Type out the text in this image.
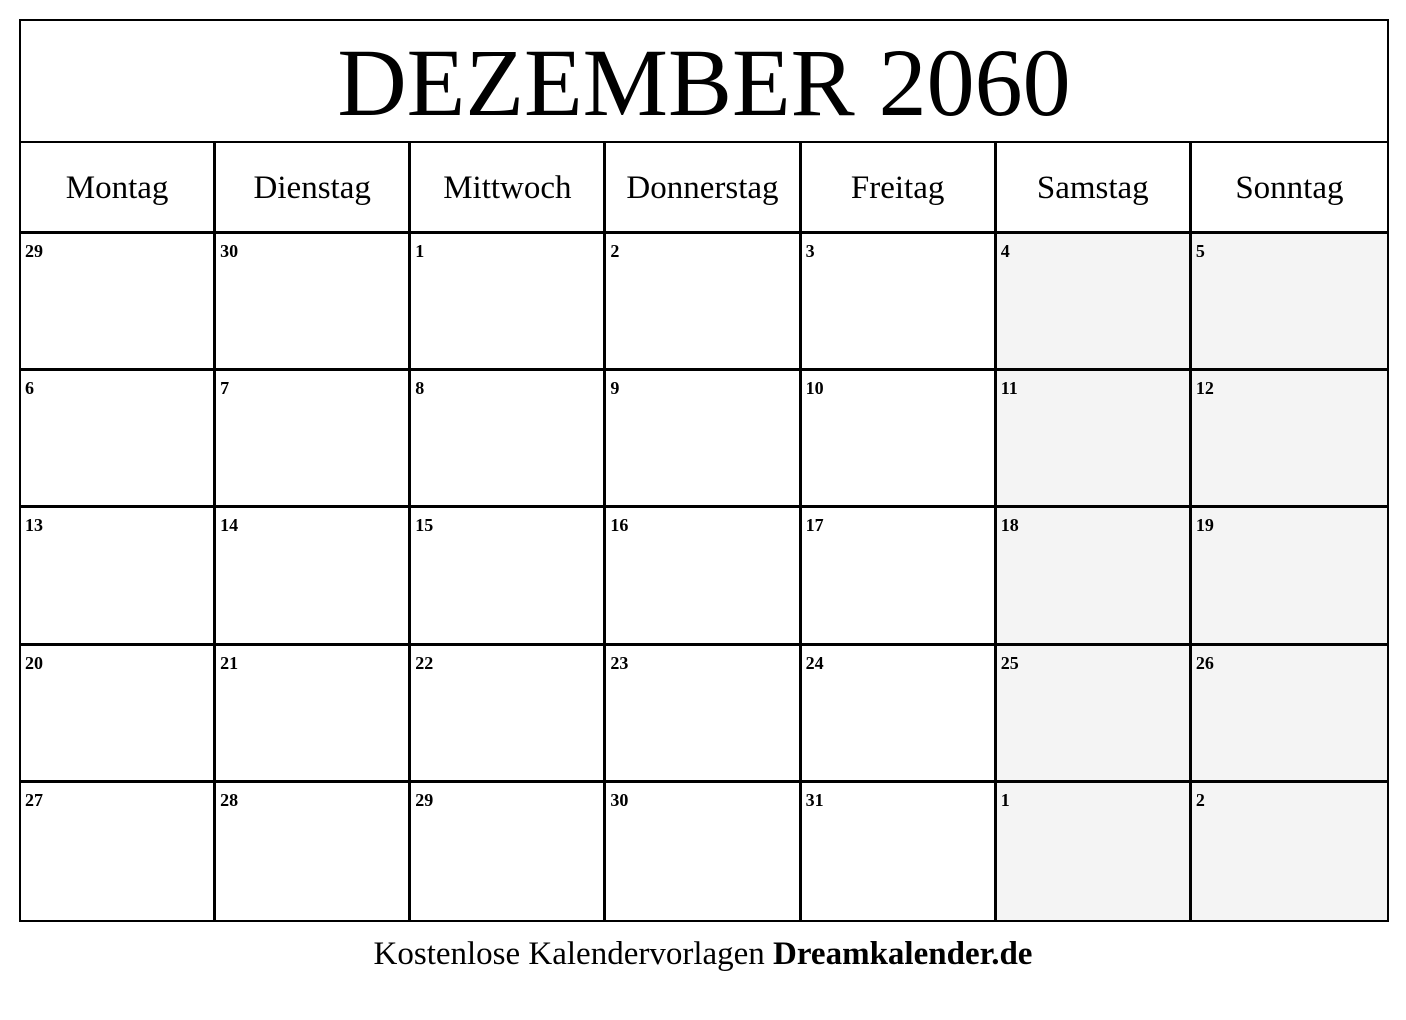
DEZEMBER 2060
Montag	Dienstag	Mittwoch	Donnerstag	Freitag	Samstag	Sonntag
29	30	1	2	3	4	5
6	7	8	9	10	11	12
13	14	15	16	17	18	19
20	21	22	23	24	25	26
27	28	29	30	31	1	2
Kostenlose Kalendervorlagen Dreamkalender.de
